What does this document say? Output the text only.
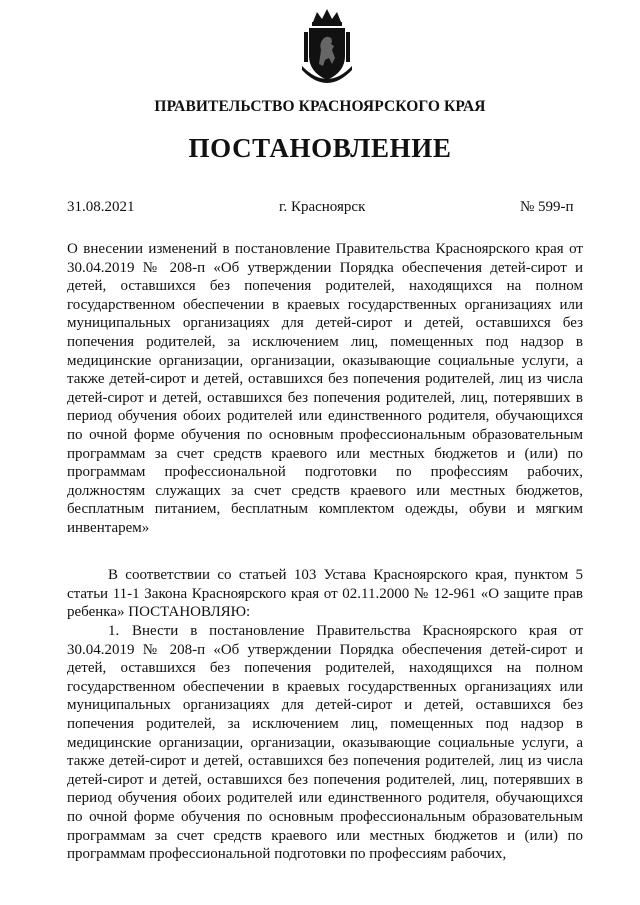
ПРАВИТЕЛЬСТВО КРАСНОЯРСКОГО КРАЯ
ПОСТАНОВЛЕНИЕ
31.08.2021	г. Красноярск	№ 599-п
О внесении изменений в постановление Правительства Красноярского края от 30.04.2019 № 208-п «Об утверждении Порядка обеспечения детей-сирот и детей, оставшихся без попечения родителей, находящихся на полном государственном обеспечении в краевых государственных организациях или муниципальных организациях для детей-сирот и детей, оставшихся без попечения родителей, за исключением лиц, помещенных под надзор в медицинские организации, организации, оказывающие социальные услуги, а также детей-сирот и детей, оставшихся без попечения родителей, лиц из числа детей-сирот и детей, оставшихся без попечения родителей, лиц, потерявших в период обучения обоих родителей или единственного родителя, обучающихся по очной форме обучения по основным профессиональным образовательным программам за счет средств краевого или местных бюджетов и (или) по программам профессиональной подготовки по профессиям рабочих, должностям служащих за счет средств краевого или местных бюджетов, бесплатным питанием, бесплатным комплектом одежды, обуви и мягким инвентарем»
В соответствии со статьей 103 Устава Красноярского края, пунктом 5 статьи 11-1 Закона Красноярского края от 02.11.2000 № 12-961 «О защите прав ребенка» ПОСТАНОВЛЯЮ:
1. Внести в постановление Правительства Красноярского края от 30.04.2019 № 208-п «Об утверждении Порядка обеспечения детей-сирот и детей, оставшихся без попечения родителей, находящихся на полном государственном обеспечении в краевых государственных организациях или муниципальных организациях для детей-сирот и детей, оставшихся без попечения родителей, за исключением лиц, помещенных под надзор в медицинские организации, организации, оказывающие социальные услуги, а также детей-сирот и детей, оставшихся без попечения родителей, лиц из числа детей-сирот и детей, оставшихся без попечения родителей, лиц, потерявших в период обучения обоих родителей или единственного родителя, обучающихся по очной форме обучения по основным профессиональным образовательным программам за счет средств краевого или местных бюджетов и (или) по программам профессиональной подготовки по профессиям рабочих,
